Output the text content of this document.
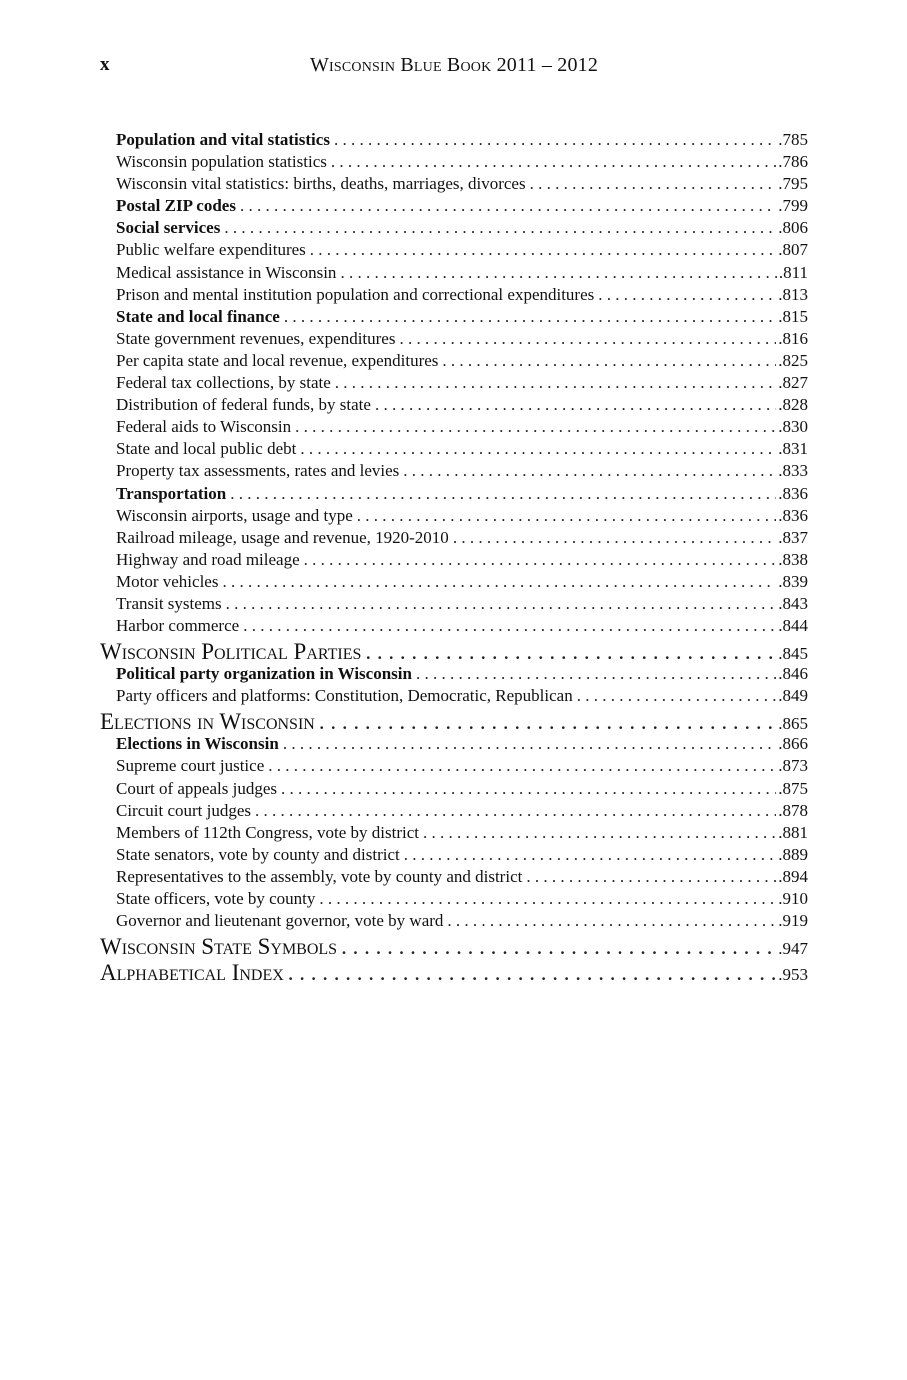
x	Wisconsin Blue Book 2011 – 2012
Population and vital statistics . . .	.785
Wisconsin population statistics . . .	.786
Wisconsin vital statistics: births, deaths, marriages, divorces . . .	.795
Postal ZIP codes . . .	.799
Social services . . .	.806
Public welfare expenditures . . .	.807
Medical assistance in Wisconsin . . .	.811
Prison and mental institution population and correctional expenditures . . .	.813
State and local finance . . .	.815
State government revenues, expenditures . . .	.816
Per capita state and local revenue, expenditures . . .	.825
Federal tax collections, by state . . .	.827
Distribution of federal funds, by state . . .	.828
Federal aids to Wisconsin . . .	.830
State and local public debt . . .	.831
Property tax assessments, rates and levies . . .	.833
Transportation . . .	.836
Wisconsin airports, usage and type . . .	.836
Railroad mileage, usage and revenue, 1920-2010 . . .	.837
Highway and road mileage . . .	.838
Motor vehicles . . .	.839
Transit systems . . .	.843
Harbor commerce . . .	.844
Wisconsin Political Parties . . .	.845
Political party organization in Wisconsin . . .	.846
Party officers and platforms: Constitution, Democratic, Republican . . .	.849
Elections in Wisconsin . . .	.865
Elections in Wisconsin . . .	.866
Supreme court justice . . .	.873
Court of appeals judges . . .	.875
Circuit court judges . . .	.878
Members of 112th Congress, vote by district . . .	.881
State senators, vote by county and district . . .	.889
Representatives to the assembly, vote by county and district . . .	.894
State officers, vote by county . . .	.910
Governor and lieutenant governor, vote by ward . . .	.919
Wisconsin State Symbols . . .	.947
Alphabetical Index . . .	.953
